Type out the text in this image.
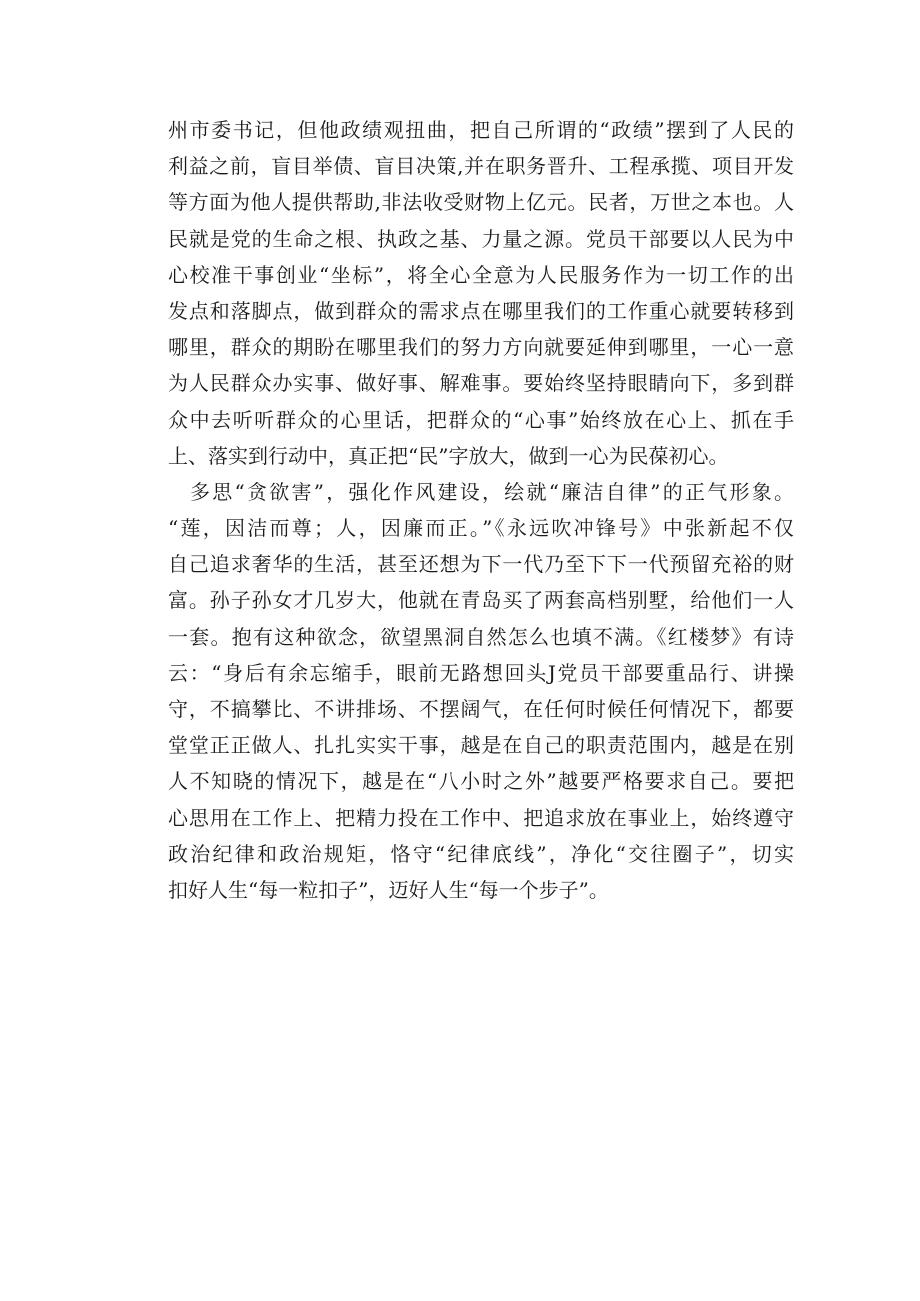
州市委书记，但他政绩观扭曲，把自己所谓的“政绩”摆到了人民的
利益之前，盲目举债、盲目决策,并在职务晋升、工程承揽、项目开发
等方面为他人提供帮助,非法收受财物上亿元。民者，万世之本也。人
民就是党的生命之根、执政之基、力量之源。党员干部要以人民为中
心校准干事创业“坐标”，将全心全意为人民服务作为一切工作的出
发点和落脚点，做到群众的需求点在哪里我们的工作重心就要转移到
哪里，群众的期盼在哪里我们的努力方向就要延伸到哪里，一心一意
为人民群众办实事、做好事、解难事。要始终坚持眼睛向下，多到群
众中去听听群众的心里话，把群众的“心事”始终放在心上、抓在手
上、落实到行动中，真正把“民”字放大，做到一心为民葆初心。
多思“贪欲害”，强化作风建设，绘就“廉洁自律”的正气形象。
“莲，因洁而尊；人，因廉而正。”《永远吹冲锋号》中张新起不仅
自己追求奢华的生活，甚至还想为下一代乃至下下一代预留充裕的财
富。孙子孙女才几岁大，他就在青岛买了两套高档别墅，给他们一人
一套。抱有这种欲念，欲望黑洞自然怎么也填不满。《红楼梦》有诗
云：“身后有余忘缩手，眼前无路想回头J党员干部要重品行、讲操
守，不搞攀比、不讲排场、不摆阔气，在任何时候任何情况下，都要
堂堂正正做人、扎扎实实干事，越是在自己的职责范围内，越是在别
人不知晓的情况下，越是在“八小时之外”越要严格要求自己。要把
心思用在工作上、把精力投在工作中、把追求放在事业上，始终遵守
政治纪律和政治规矩，恪守“纪律底线”，净化“交往圈子”，切实
扣好人生“每一粒扣子”，迈好人生“每一个步子”。
